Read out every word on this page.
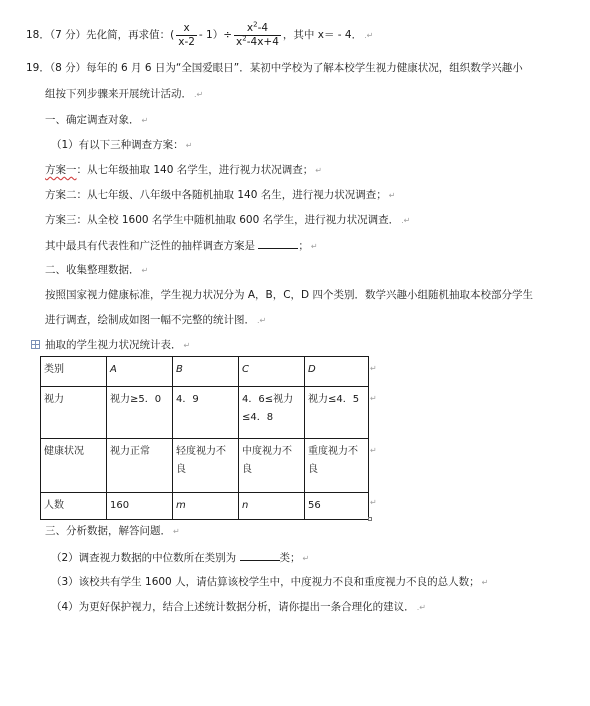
18．（7 分）先化简，再求值：( $\frac{x}{x-2} - 1)\div \frac{x^2-4}{x^2-4x+4}$ ，其中 x＝ - 4． .↵
19．（8 分）每年的 6 月 6 日为“全国爱眼日”．某初中学校为了解本校学生视力健康状况，组织数学兴趣小
组按下列步骤来开展统计活动． .↵
一、确定调查对象． ↵
（1）有以下三种调查方案： ↵
方案一：从七年级抽取 140 名学生，进行视力状况调查； ↵
方案二：从七年级、八年级中各随机抽取 140 名生，进行视力状况调查； ↵
方案三：从全校 1600 名学生中随机抽取 600 名学生，进行视力状况调查． .↵
其中最具有代表性和广泛性的抽样调查方案是	； ↵
二、收集整理数据． ↵
按照国家视力健康标准，学生视力状况分为 A，B，C，D 四个类别．数学兴趣小组随机抽取本校部分学生
进行调查，绘制成如图一幅不完整的统计图． .↵
抽取的学生视力状况统计表． ↵
类别	A	B	C	D
视力	视力≥5．0	4．9	4．6≤视力≤4．8	视力≤4．5
健康状况	视力正常	轻度视力不良	中度视力不良	重度视力不良
人数	160	m	n	56
↵
↵
↵
↵
三、分析数据，解答问题． ↵
（2）调查视力数据的中位数所在类别为	类； ↵
（3）该校共有学生 1600 人，请估算该校学生中，中度视力不良和重度视力不良的总人数； ↵
（4）为更好保护视力，结合上述统计数据分析，请你提出一条合理化的建议． .↵
